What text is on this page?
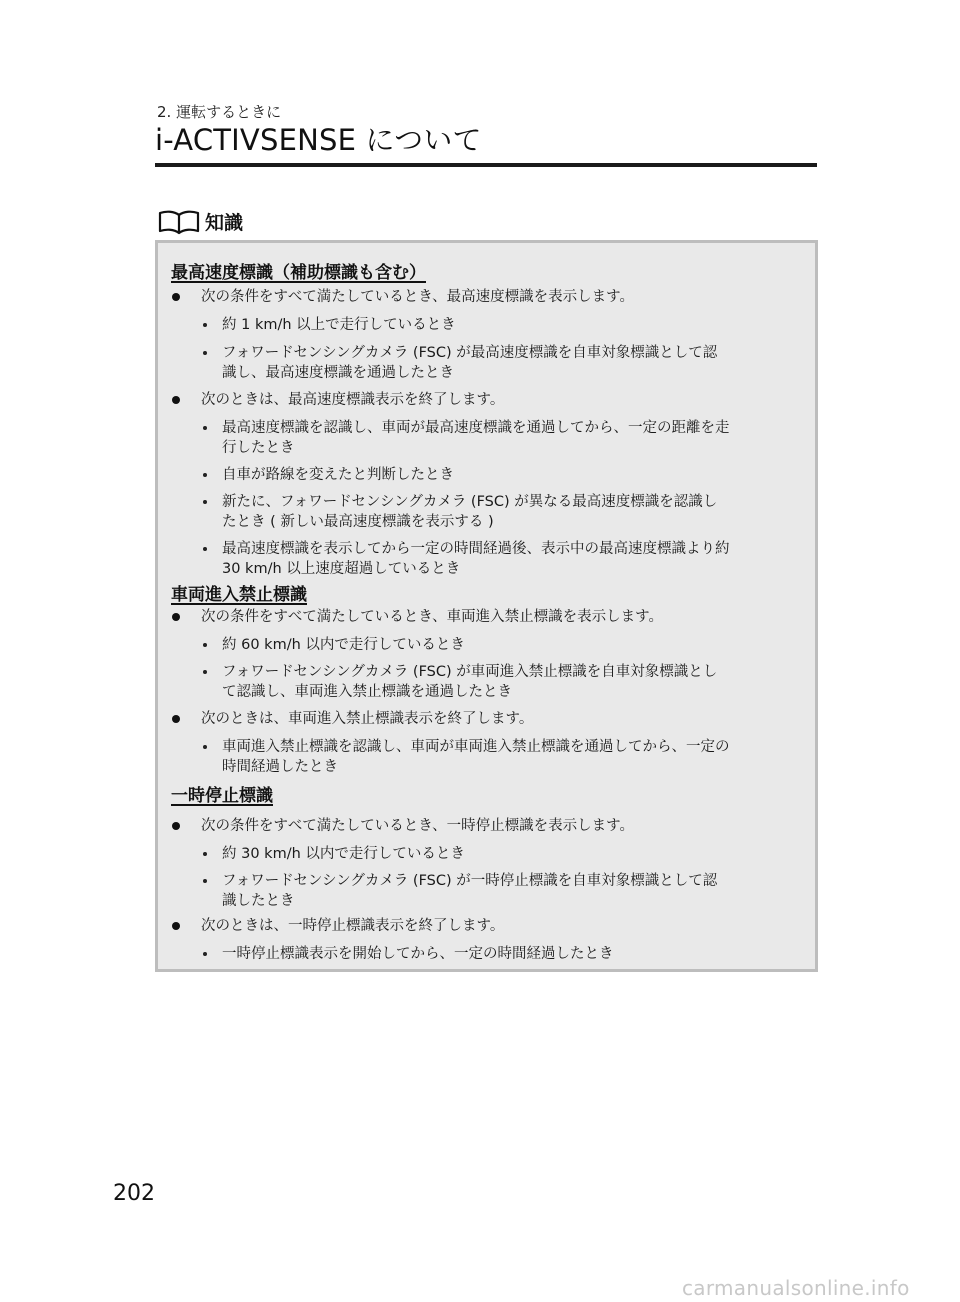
2. 運転するときに
i-ACTIVSENSE について
知識
最高速度標識（補助標識も含む）
次の条件をすべて満たしているとき、最高速度標識を表示します。
約 1 km/h 以上で走行しているとき
フォワードセンシングカメラ (FSC) が最高速度標識を自車対象標識として認
識し、最高速度標識を通過したとき
次のときは、最高速度標識表示を終了します。
最高速度標識を認識し、車両が最高速度標識を通過してから、一定の距離を走
行したとき
自車が路線を変えたと判断したとき
新たに、フォワードセンシングカメラ (FSC) が異なる最高速度標識を認識し
たとき ( 新しい最高速度標識を表示する )
最高速度標識を表示してから一定の時間経過後、表示中の最高速度標識より約
30 km/h 以上速度超過しているとき
車両進入禁止標識
次の条件をすべて満たしているとき、車両進入禁止標識を表示します。
約 60 km/h 以内で走行しているとき
フォワードセンシングカメラ (FSC) が車両進入禁止標識を自車対象標識とし
て認識し、車両進入禁止標識を通過したとき
次のときは、車両進入禁止標識表示を終了します。
車両進入禁止標識を認識し、車両が車両進入禁止標識を通過してから、一定の
時間経過したとき
一時停止標識
次の条件をすべて満たしているとき、一時停止標識を表示します。
約 30 km/h 以内で走行しているとき
フォワードセンシングカメラ (FSC) が一時停止標識を自車対象標識として認
識したとき
次のときは、一時停止標識表示を終了します。
一時停止標識表示を開始してから、一定の時間経過したとき
202
carmanualsonline.info
